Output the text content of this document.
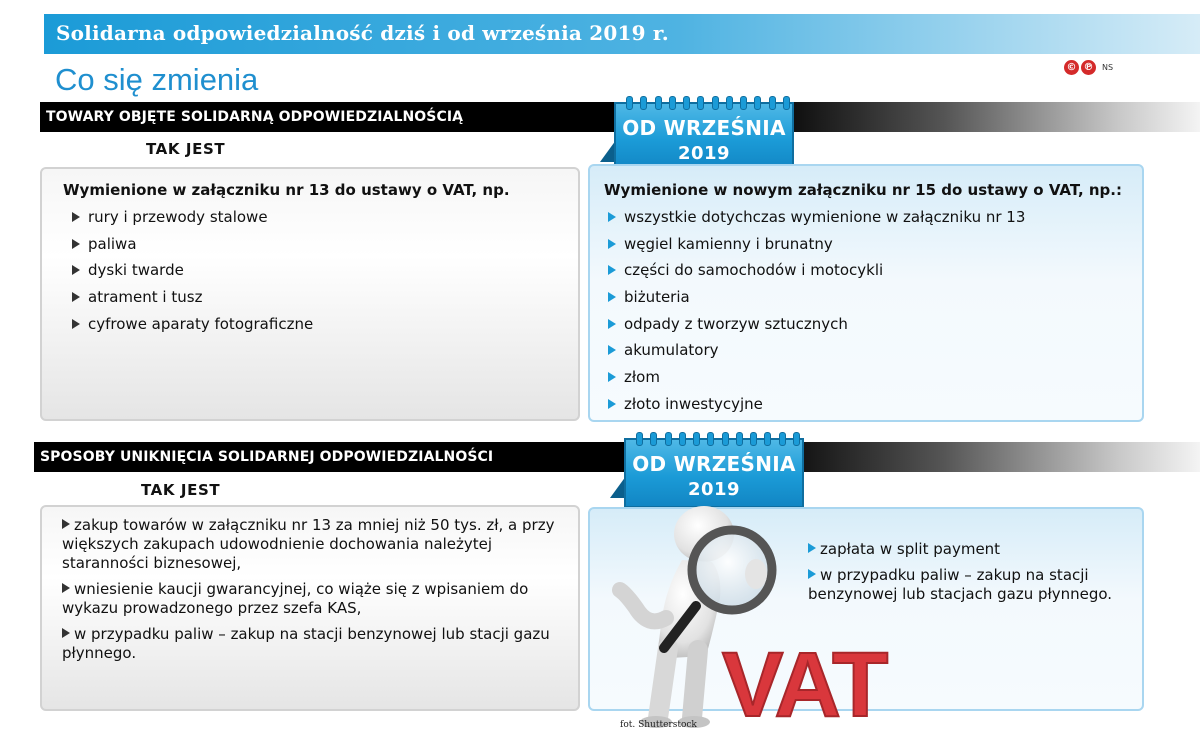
Solidarna odpowiedzialność dziś i od września 2019 r.
Co się zmienia	© ℗	NS
TOWARY OBJĘTE SOLIDARNĄ ODPOWIEDZIALNOŚCIĄ
TAK JEST
OD WRZEŚNIA
2019
Wymienione w załączniku nr 13 do ustawy o VAT, np.
rury i przewody stalowe
paliwa
dyski twarde
atrament i tusz
cyfrowe aparaty fotograficzne
Wymienione w nowym załączniku nr 15 do ustawy o VAT, np.:
wszystkie dotychczas wymienione w załączniku nr 13
węgiel kamienny i brunatny
części do samochodów i motocykli
biżuteria
odpady z tworzyw sztucznych
akumulatory
złom
złoto inwestycyjne
SPOSOBY UNIKNIĘCIA SOLIDARNEJ ODPOWIEDZIALNOŚCI
TAK JEST
OD WRZEŚNIA
2019

zakup towarów w załączniku nr 13 za mniej niż 50 tys. zł, a przy większych zakupach udowodnienie dochowania należytej staranności biznesowej,

wniesienie kaucji gwarancyjnej, co wiąże się z wpisaniem do wykazu prowadzonego przez szefa KAS,

w przypadku paliw – zakup na stacji benzynowej lub stacji gazu płynnego.

zapłata w split payment

w przypadku paliw – zakup na stacji benzynowej lub stacjach gazu płynnego.

VAT
fot. Shutterstock
